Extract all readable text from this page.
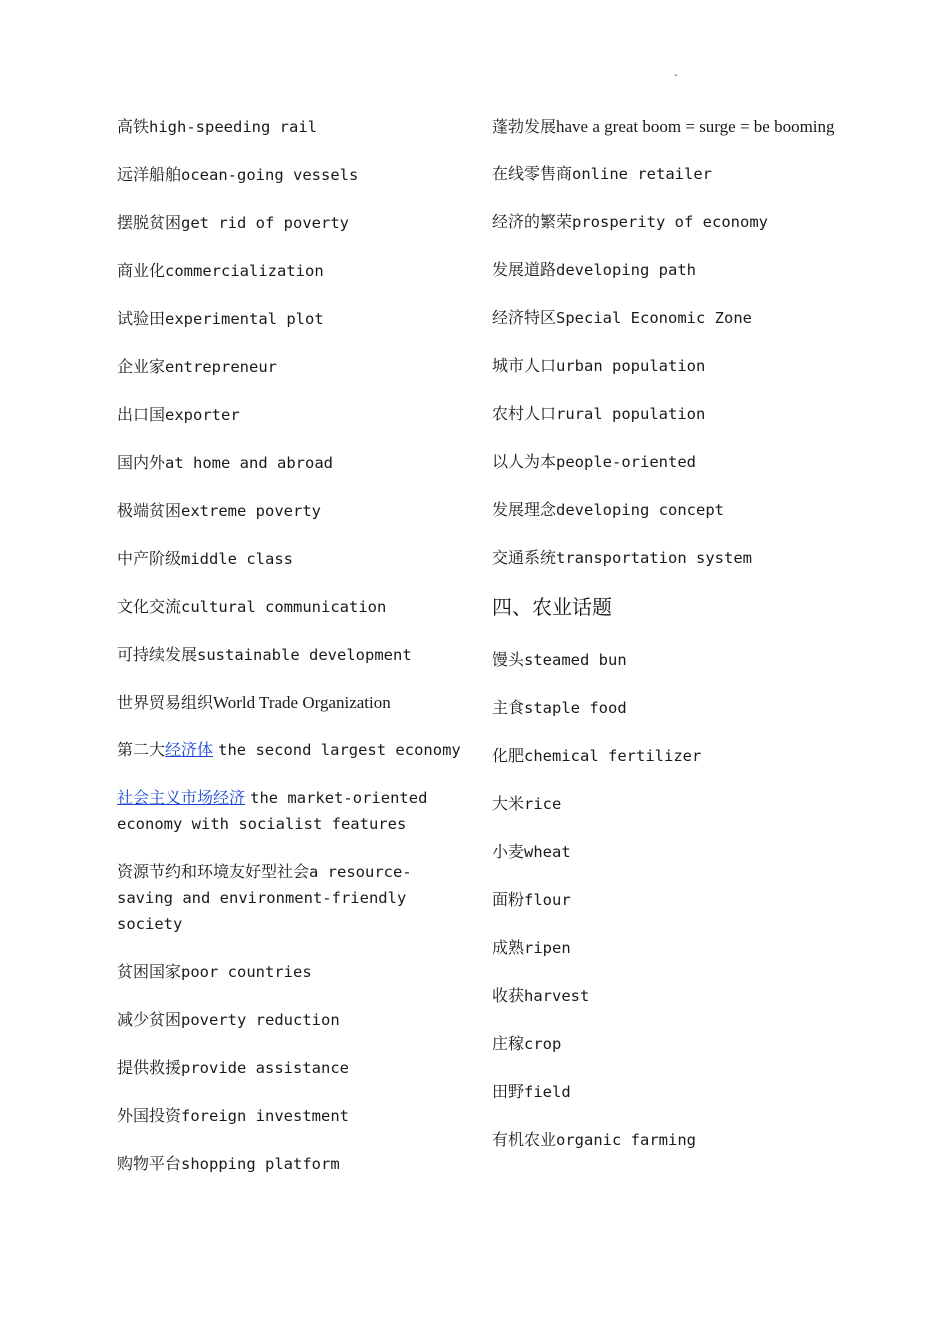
-
高铁high-speeding rail
远洋船舶ocean-going vessels
摆脱贫困get rid of poverty
商业化commercialization
试验田experimental plot
企业家entrepreneur
出口国exporter
国内外at home and abroad
极端贫困extreme poverty
中产阶级middle class
文化交流cultural communication
可持续发展sustainable development
世界贸易组织World Trade Organization
第二大经济体 the second largest economy
社会主义市场经济 the market-oriented economy with socialist features
资源节约和环境友好型社会a resource-saving and environment-friendly society
贫困国家poor countries
减少贫困poverty reduction
提供救援provide assistance
外国投资foreign investment
购物平台shopping platform
蓬勃发展have a great boom = surge = be booming
在线零售商online retailer
经济的繁荣prosperity of economy
发展道路developing path
经济特区Special Economic Zone
城市人口urban population
农村人口rural population
以人为本people-oriented
发展理念developing concept
交通系统transportation system
四、农业话题
馒头steamed bun
主食staple food
化肥chemical fertilizer
大米rice
小麦wheat
面粉flour
成熟ripen
收获harvest
庄稼crop
田野field
有机农业organic farming
